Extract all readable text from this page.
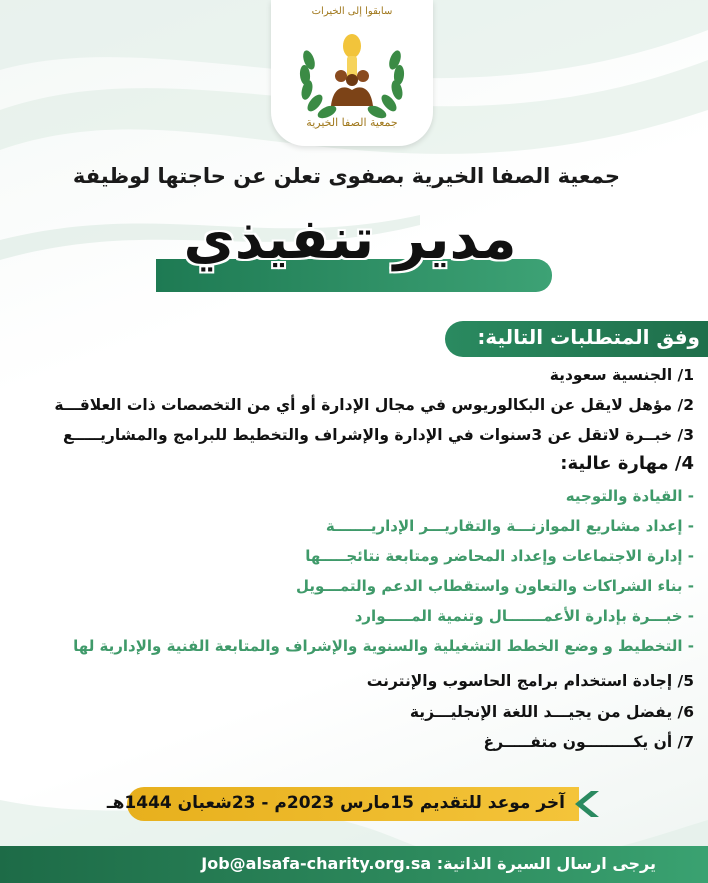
سابقوا إلى الخيرات
جمعية الصفا الخيرية
جمعية الصفا الخيرية بصفوى تعلن عن حاجتها لوظيفة
مدير تنفيذي
وفق المتطلبات التالية:
1/ الجنسية سعودية
2/ مؤهل لايقل عن البكالوريوس في مجال الإدارة أو أي من التخصصات ذات العلاقـــة
3/ خبــرة لاتقل عن 3سنوات في الإدارة والإشراف والتخطيط للبرامج والمشاريـــــع
4/ مهارة عالية:
- القيادة والتوجيه
- إعداد مشاريع الموازنـــة والتقاريـــر الإداريـــــــة
- إدارة الاجتماعات وإعداد المحاضر ومتابعة نتائجـــــها
- بناء الشراكات والتعاون واستقطاب الدعم والتمـــويل
- خبـــرة بإدارة الأعمـــــــال وتنمية المـــــوارد
- التخطيط و وضع الخطط التشغيلية والسنوية والإشراف والمتابعة الفنية والإدارية لها
5/ إجادة استخدام برامج الحاسوب والإنترنت
6/ يفضل من يجيـــد اللغة الإنجليـــزية
7/ أن يكـــــــــون متفـــــرغ
آخر موعد للتقديم 15مارس 2023م - 23شعبان 1444هـ
يرجى ارسال السيرة الذاتية: Job@alsafa-charity.org.sa
